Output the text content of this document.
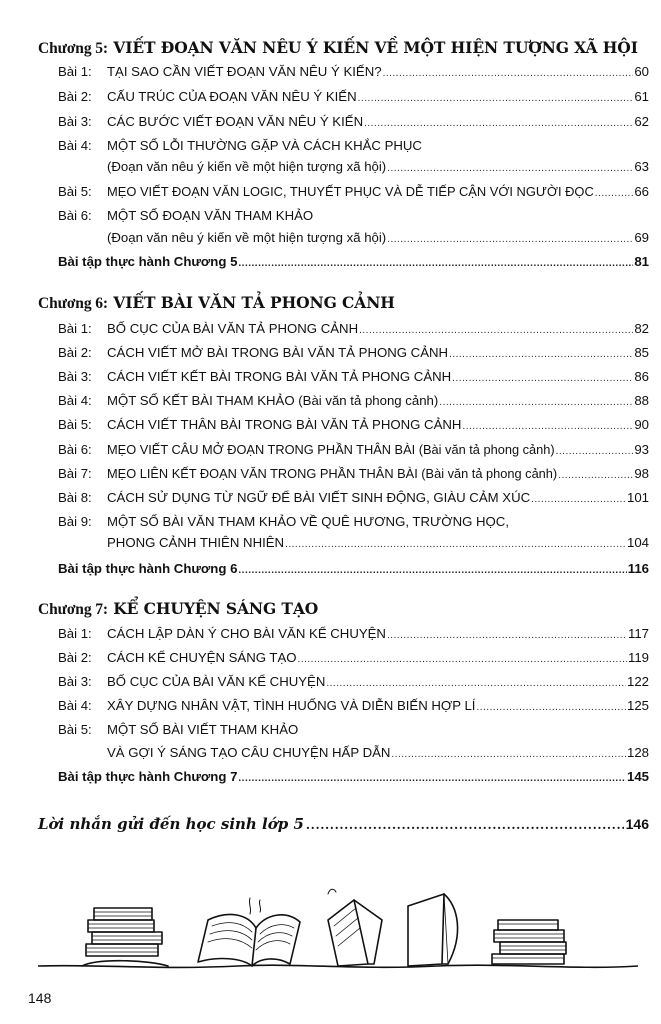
Chương 5: VIẾT ĐOẠN VĂN NÊU Ý KIẾN VỀ MỘT HIỆN TƯỢNG XÃ HỘI
Bài 1:	TẠI SAO CẦN VIẾT ĐOẠN VĂN NÊU Ý KIẾN? .....	60
Bài 2:	CẤU TRÚC CỦA ĐOẠN VĂN NÊU Ý KIẾN .....	61
Bài 3:	CÁC BƯỚC VIẾT ĐOẠN VĂN NÊU Ý KIẾN .....	62
Bài 4:	MỘT SỐ LỖI THƯỜNG GẶP VÀ CÁCH KHẮC PHỤC
(Đoạn văn nêu ý kiến về một hiện tượng xã hội) .....	63
Bài 5:	MẸO VIẾT ĐOẠN VĂN LOGIC, THUYẾT PHỤC VÀ DỄ TIẾP CẬN VỚI NGƯỜI ĐỌC .....	66
Bài 6:	MỘT SỐ ĐOẠN VĂN THAM KHẢO
(Đoạn văn nêu ý kiến về một hiện tượng xã hội) .....	69
Bài tập thực hành Chương 5 .....	81
Chương 6: VIẾT BÀI VĂN TẢ PHONG CẢNH
Bài 1:	BỐ CỤC CỦA BÀI VĂN TẢ PHONG CẢNH .....	82
Bài 2:	CÁCH VIẾT MỞ BÀI TRONG BÀI VĂN TẢ PHONG CẢNH .....	85
Bài 3:	CÁCH VIẾT KẾT BÀI TRONG BÀI VĂN TẢ PHONG CẢNH .....	86
Bài 4:	MỘT SỐ KẾT BÀI THAM KHẢO (Bài văn tả phong cảnh) .....	88
Bài 5:	CÁCH VIẾT THÂN BÀI TRONG BÀI VĂN TẢ PHONG CẢNH .....	90
Bài 6:	MẸO VIẾT CÂU MỞ ĐOẠN TRONG PHẦN THÂN BÀI (Bài văn tả phong cảnh) .....	93
Bài 7:	MẸO LIÊN KẾT ĐOẠN VĂN TRONG PHẦN THÂN BÀI (Bài văn tả phong cảnh) .....	98
Bài 8:	CÁCH SỬ DỤNG TỪ NGỮ ĐỂ BÀI VIẾT SINH ĐỘNG, GIÀU CẢM XÚC .....	101
Bài 9:	MỘT SỐ BÀI VĂN THAM KHẢO VỀ QUÊ HƯƠNG, TRƯỜNG HỌC,
PHONG CẢNH THIÊN NHIÊN .....	104
Bài tập thực hành Chương 6 .....	116
Chương 7: KỂ CHUYỆN SÁNG TẠO
Bài 1:	CÁCH LẬP DÀN Ý CHO BÀI VĂN KỂ CHUYỆN .....	117
Bài 2:	CÁCH KỂ CHUYỆN SÁNG TẠO .....	119
Bài 3:	BỐ CỤC CỦA BÀI VĂN KỂ CHUYỆN .....	122
Bài 4:	XÂY DỰNG NHÂN VẬT, TÌNH HUỐNG VÀ DIỄN BIẾN HỢP LÍ .....	125
Bài 5:	MỘT SỐ BÀI VIẾT THAM KHẢO
VÀ GỢI Ý SÁNG TẠO CÂU CHUYỆN HẤP DẪN .....	128
Bài tập thực hành Chương 7 .....	145
Lời nhắn gửi đến học sinh lớp 5 .....	146
148
